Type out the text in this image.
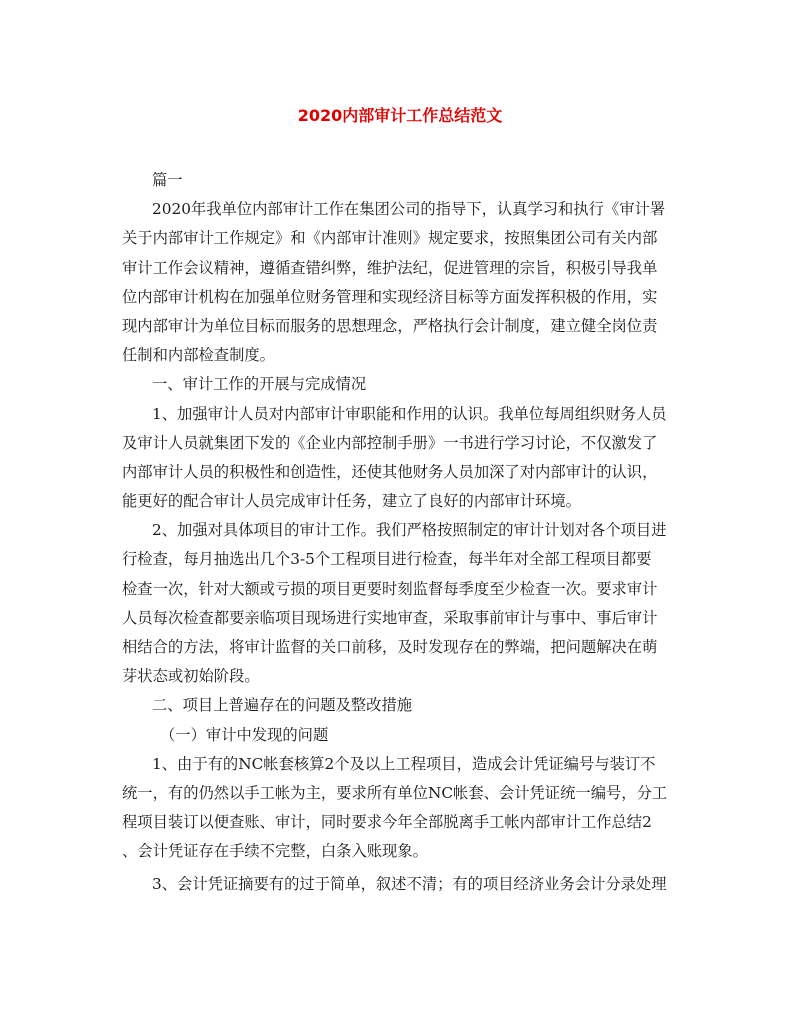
2020内部审计工作总结范文
篇一
2020年我单位内部审计工作在集团公司的指导下，认真学习和执行《审计署
关于内部审计工作规定》和《内部审计准则》规定要求，按照集团公司有关内部
审计工作会议精神，遵循查错纠弊，维护法纪，促进管理的宗旨，积极引导我单
位内部审计机构在加强单位财务管理和实现经济目标等方面发挥积极的作用，实
现内部审计为单位目标而服务的思想理念，严格执行会计制度，建立健全岗位责
任制和内部检查制度。
一、审计工作的开展与完成情况
1、加强审计人员对内部审计审职能和作用的认识。我单位每周组织财务人员
及审计人员就集团下发的《企业内部控制手册》一书进行学习讨论，不仅激发了
内部审计人员的积极性和创造性，还使其他财务人员加深了对内部审计的认识，
能更好的配合审计人员完成审计任务，建立了良好的内部审计环境。
2、加强对具体项目的审计工作。我们严格按照制定的审计计划对各个项目进
行检查，每月抽选出几个3-5个工程项目进行检查，每半年对全部工程项目都要
检查一次，针对大额或亏损的项目更要时刻监督每季度至少检查一次。要求审计
人员每次检查都要亲临项目现场进行实地审查，采取事前审计与事中、事后审计
相结合的方法，将审计监督的关口前移，及时发现存在的弊端，把问题解决在萌
芽状态或初始阶段。
二、项目上普遍存在的问题及整改措施
（一）审计中发现的问题
1、由于有的NC帐套核算2个及以上工程项目，造成会计凭证编号与装订不
统一，有的仍然以手工帐为主，要求所有单位NC帐套、会计凭证统一编号，分工
程项目装订以便查账、审计，同时要求今年全部脱离手工帐内部审计工作总结2
、会计凭证存在手续不完整，白条入账现象。
3、会计凭证摘要有的过于简单，叙述不清；有的项目经济业务会计分录处理
